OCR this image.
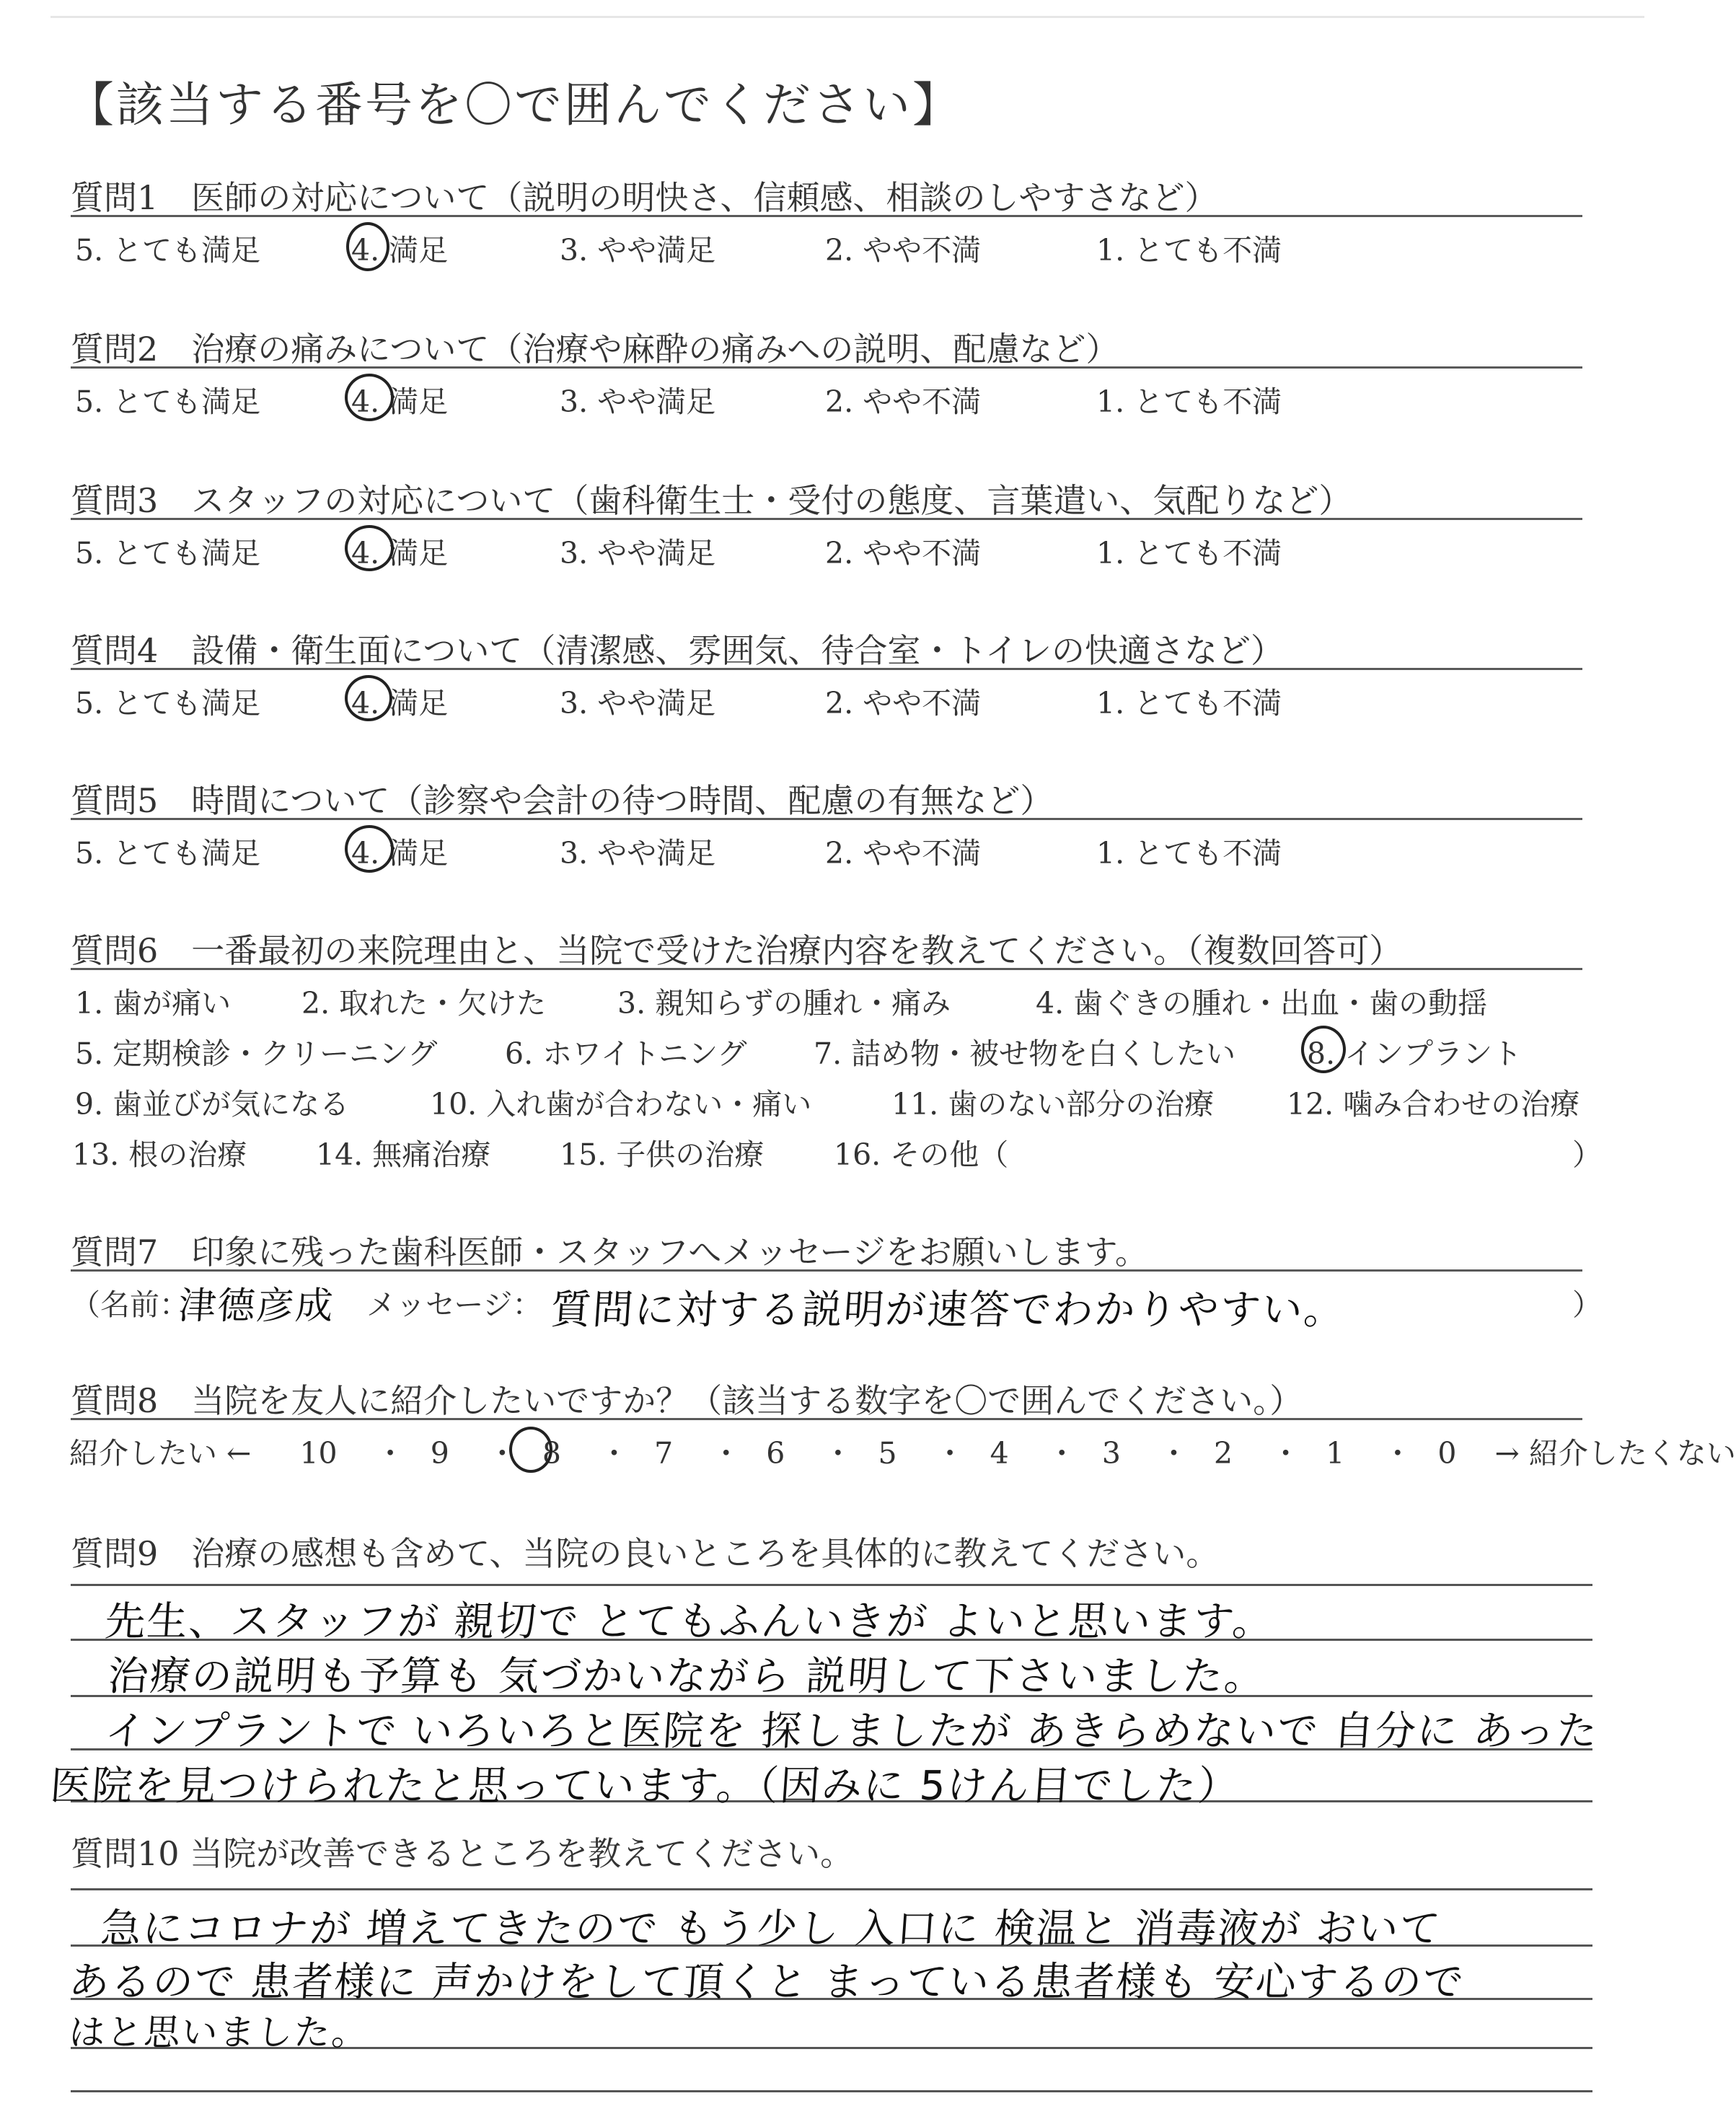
【該当する番号を〇で囲んでください】
質問1　医師の対応について（説明の明快さ、信頼感、相談のしやすさなど）
5. とても満足	4. 満足	3. やや満足	2. やや不満	1. とても不満
質問2　治療の痛みについて（治療や麻酔の痛みへの説明、配慮など）
5. とても満足	4. 満足	3. やや満足	2. やや不満	1. とても不満
質問3　スタッフの対応について（歯科衛生士・受付の態度、言葉遣い、気配りなど）
5. とても満足	4. 満足	3. やや満足	2. やや不満	1. とても不満
質問4　設備・衛生面について（清潔感、雰囲気、待合室・トイレの快適さなど）
5. とても満足	4. 満足	3. やや満足	2. やや不満	1. とても不満
質問5　時間について（診察や会計の待つ時間、配慮の有無など）
5. とても満足	4. 満足	3. やや満足	2. やや不満	1. とても不満
質問6　一番最初の来院理由と、当院で受けた治療内容を教えてください。（複数回答可）
1. 歯が痛い 2. 取れた・欠けた 3. 親知らずの腫れ・痛み	4. 歯ぐきの腫れ・出血・歯の動揺
5. 定期検診・クリーニング 6. ホワイトニング 7. 詰め物・被せ物を白くしたい 8. インプラント
9. 歯並びが気になる	10. 入れ歯が合わない・痛い	11. 歯のない部分の治療 12. 噛み合わせの治療
13. 根の治療 14. 無痛治療 15. 子供の治療 16. その他（	）
質問7　印象に残った歯科医師・スタッフへメッセージをお願いします。
（名前：
津德彦成 メッセージ： 質問に対する説明が速答でわかりやすい。	）
質問8　当院を友人に紹介したいですか？（該当する数字を〇で囲んでください。）
紹介したい ← 10 ・ 9 ・ 8 ・ 7 ・ 6 ・ 5 ・ 4 ・ 3 ・ 2 ・ 1 ・ 0 → 紹介したくない
質問9　治療の感想も含めて、当院の良いところを具体的に教えてください。
先生、スタッフが 親切で とてもふんいきが よいと思います。
治療の説明も予算も 気づかいながら 説明して下さいました。
インプラントで いろいろと医院を 探しましたが あきらめないで 自分に あった
医院を見つけられたと思っています。（因みに 5けん目でした）
質問10 当院が改善できるところを教えてください。
急にコロナが 増えてきたので もう少し 入口に 検温と 消毒液が おいて
あるので 患者様に 声かけをして頂くと まっている患者様も 安心するので
はと思いました。
